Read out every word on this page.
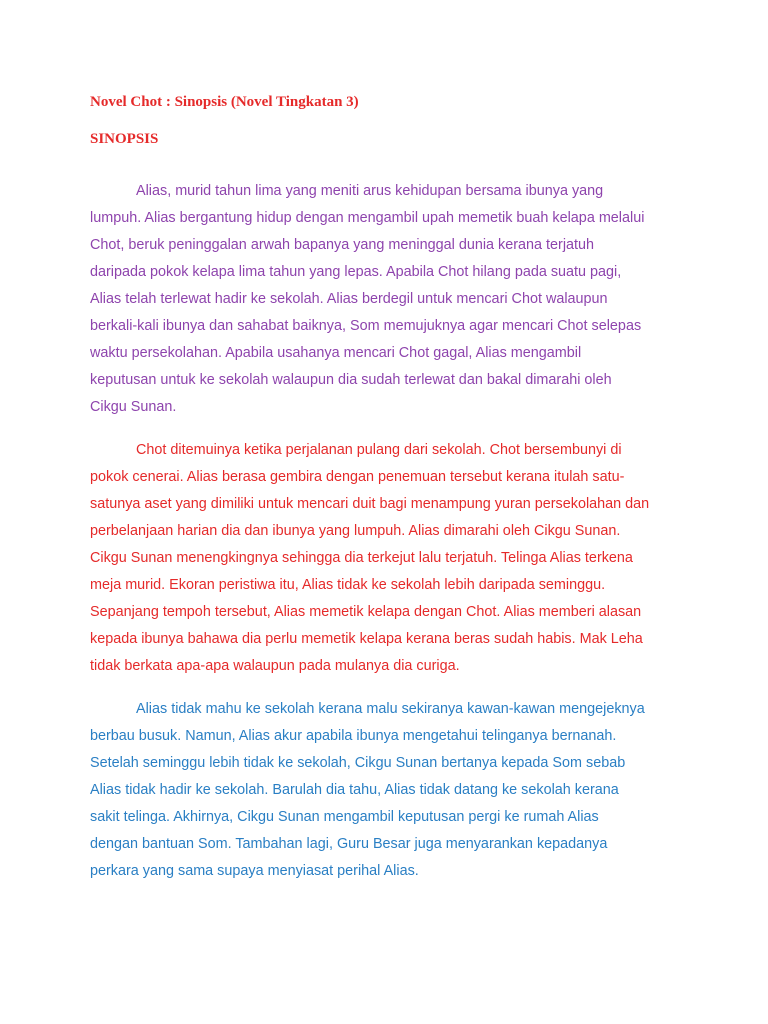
Novel Chot : Sinopsis (Novel Tingkatan 3)
SINOPSIS

Alias, murid tahun lima yang meniti arus kehidupan bersama ibunya yang
lumpuh. Alias bergantung hidup dengan mengambil upah memetik buah kelapa melalui
Chot, beruk peninggalan arwah bapanya yang meninggal dunia kerana terjatuh
daripada pokok kelapa lima tahun yang lepas. Apabila Chot hilang pada suatu pagi,
Alias telah terlewat hadir ke sekolah. Alias berdegil untuk mencari Chot walaupun
berkali-kali ibunya dan sahabat baiknya, Som memujuknya agar mencari Chot selepas
waktu persekolahan. Apabila usahanya mencari Chot gagal, Alias mengambil
keputusan untuk ke sekolah walaupun dia sudah terlewat dan bakal dimarahi oleh
Cikgu Sunan.

Chot ditemuinya ketika perjalanan pulang dari sekolah. Chot bersembunyi di
pokok cenerai. Alias berasa gembira dengan penemuan tersebut kerana itulah satu-
satunya aset yang dimiliki untuk mencari duit bagi menampung yuran persekolahan dan
perbelanjaan harian dia dan ibunya yang lumpuh. Alias dimarahi oleh Cikgu Sunan.
Cikgu Sunan menengkingnya sehingga dia terkejut lalu terjatuh. Telinga Alias terkena
meja murid. Ekoran peristiwa itu, Alias tidak ke sekolah lebih daripada seminggu.
Sepanjang tempoh tersebut, Alias memetik kelapa dengan Chot. Alias memberi alasan
kepada ibunya bahawa dia perlu memetik kelapa kerana beras sudah habis. Mak Leha
tidak berkata apa-apa walaupun pada mulanya dia curiga.

Alias tidak mahu ke sekolah kerana malu sekiranya kawan-kawan mengejeknya
berbau busuk. Namun, Alias akur apabila ibunya mengetahui telinganya bernanah.
Setelah seminggu lebih tidak ke sekolah, Cikgu Sunan bertanya kepada Som sebab
Alias tidak hadir ke sekolah. Barulah dia tahu, Alias tidak datang ke sekolah kerana
sakit telinga. Akhirnya, Cikgu Sunan mengambil keputusan pergi ke rumah Alias
dengan bantuan Som. Tambahan lagi, Guru Besar juga menyarankan kepadanya
perkara yang sama supaya menyiasat perihal Alias.
